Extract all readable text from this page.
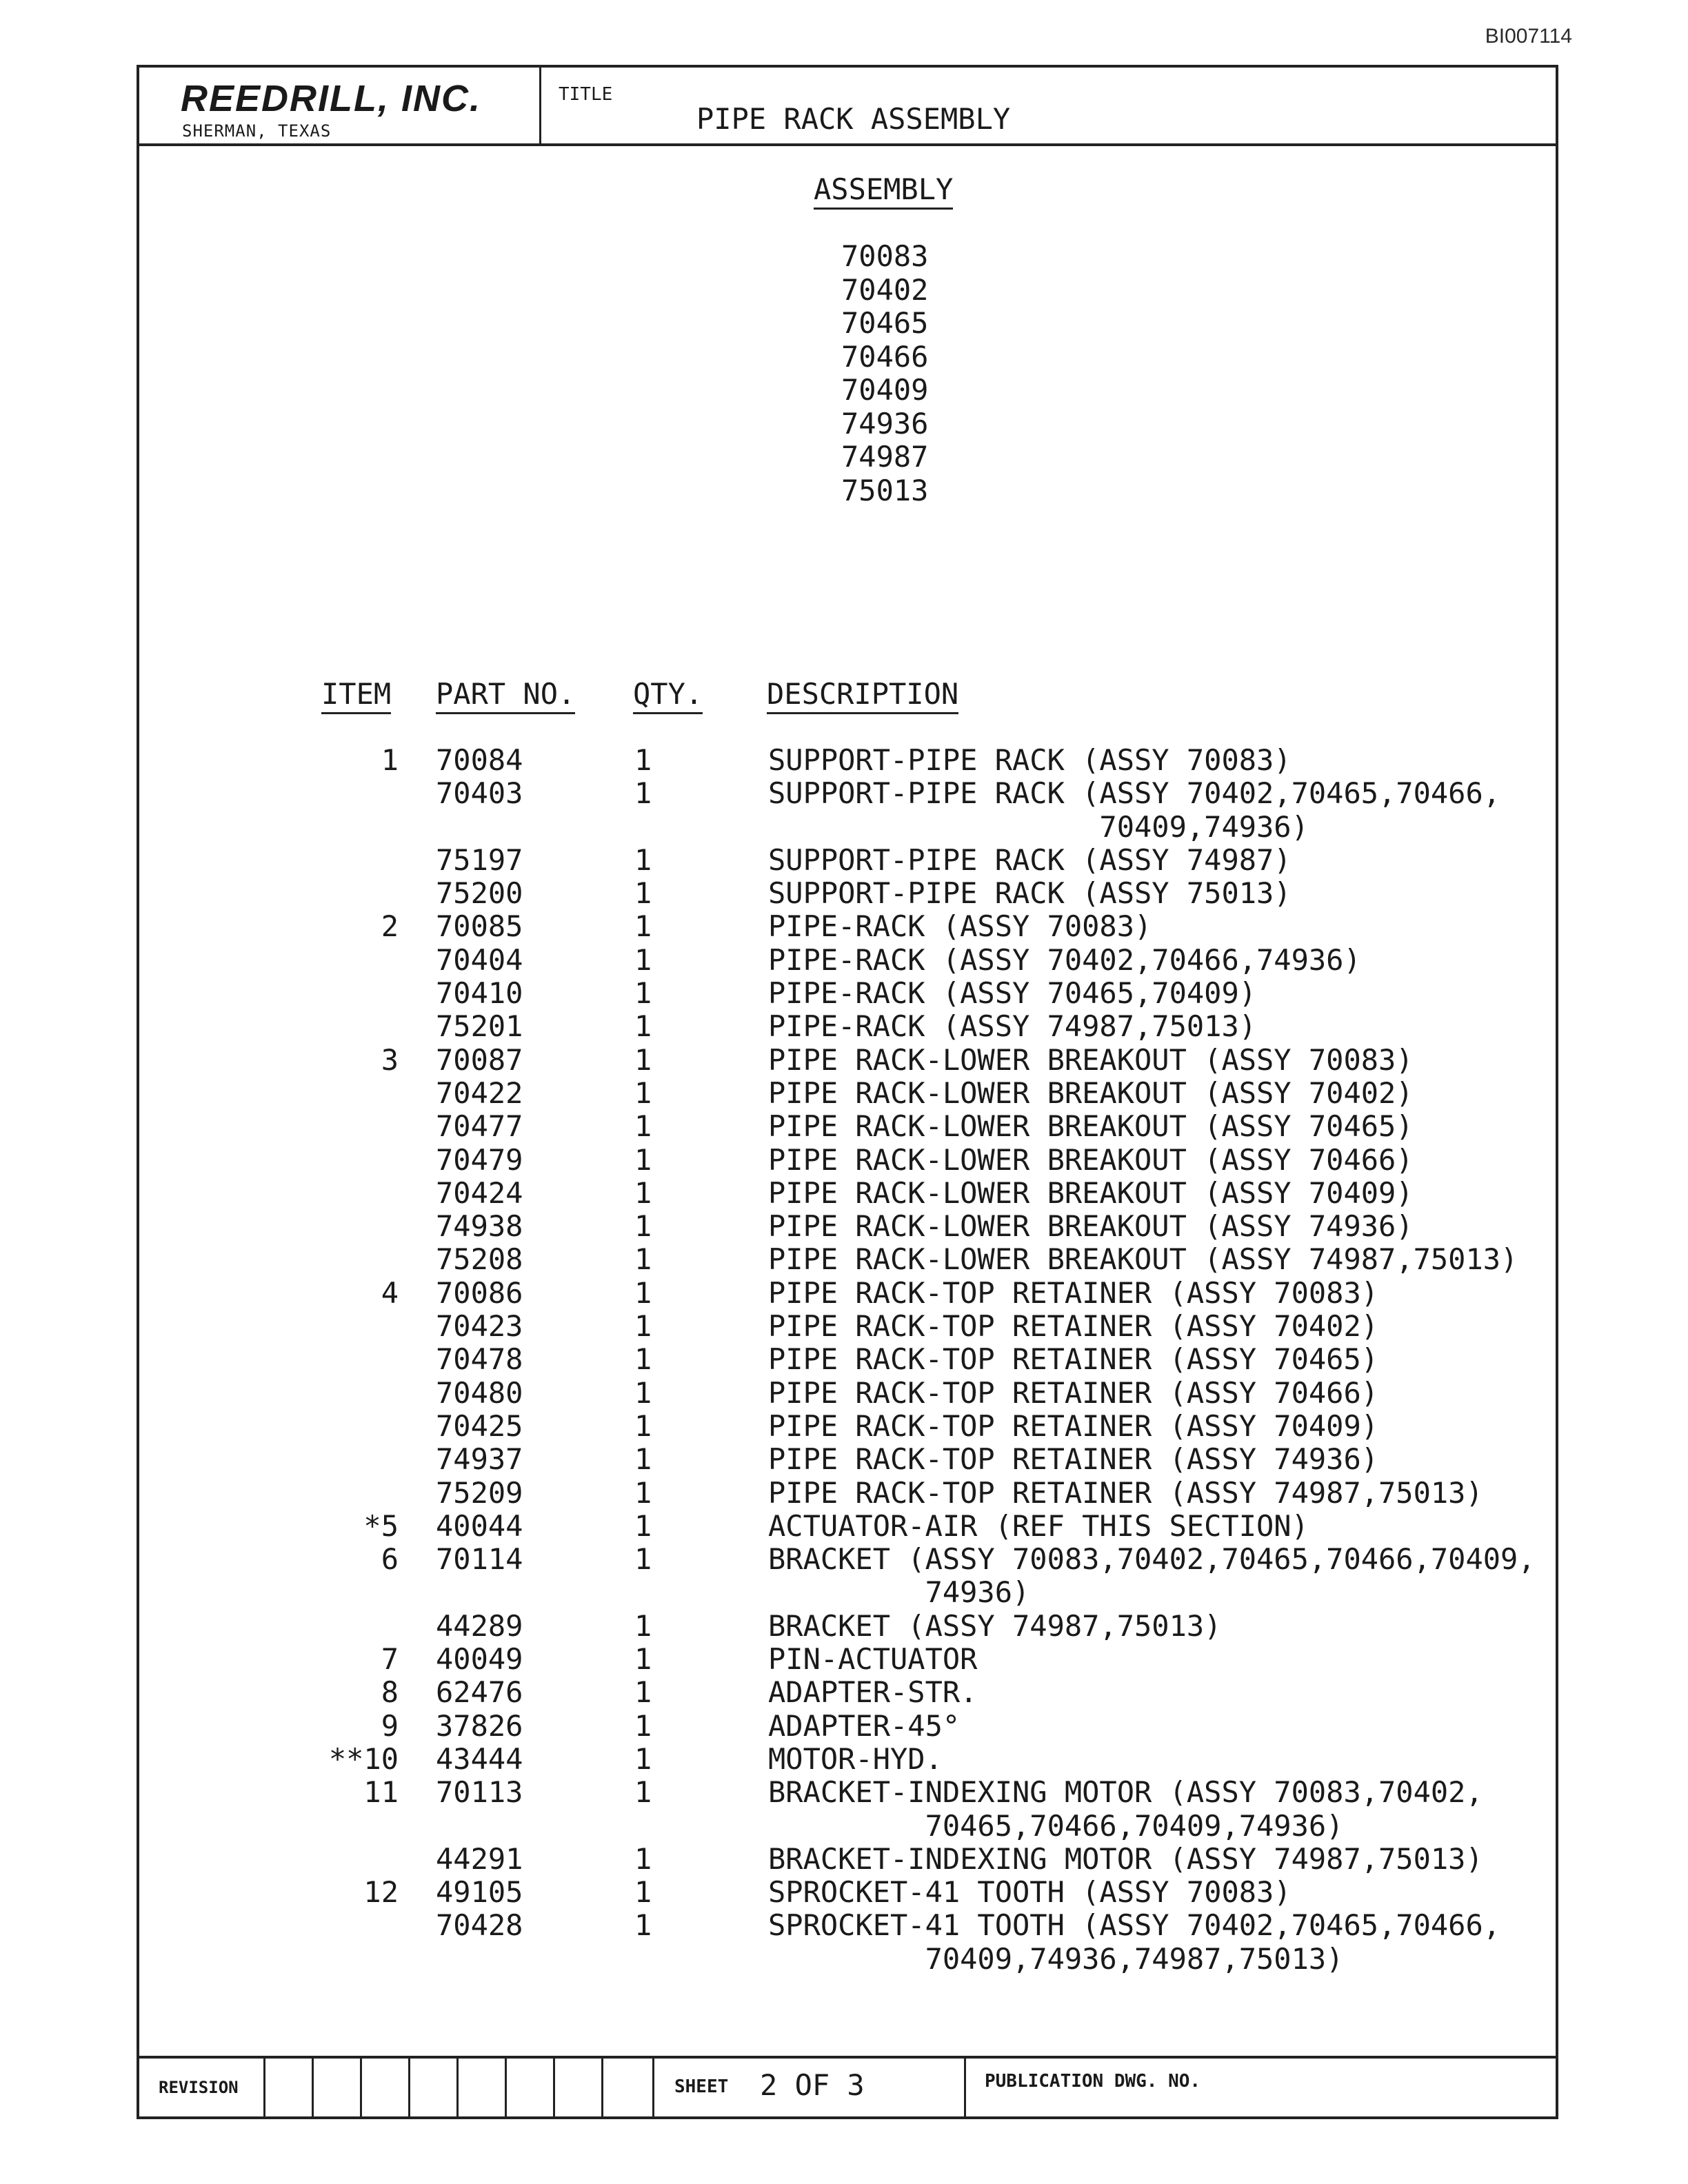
BI007114
REEDRILL, INC.
SHERMAN, TEXAS
TITLE
PIPE RACK ASSEMBLY
ASSEMBLY
70083
70402
70465
70466
70409
74936
74987
75013
ITEM PART NO. QTY. DESCRIPTION
1 70084	1	SUPPORT-PIPE RACK (ASSY 70083)
70403	1	SUPPORT-PIPE RACK (ASSY 70402,70465,70466,
70409,74936)
75197	1	SUPPORT-PIPE RACK (ASSY 74987)
75200	1	SUPPORT-PIPE RACK (ASSY 75013)
2 70085	1	PIPE-RACK (ASSY 70083)
70404	1	PIPE-RACK (ASSY 70402,70466,74936)
70410	1	PIPE-RACK (ASSY 70465,70409)
75201	1	PIPE-RACK (ASSY 74987,75013)
3 70087	1	PIPE RACK-LOWER BREAKOUT (ASSY 70083)
70422	1	PIPE RACK-LOWER BREAKOUT (ASSY 70402)
70477	1	PIPE RACK-LOWER BREAKOUT (ASSY 70465)
70479	1	PIPE RACK-LOWER BREAKOUT (ASSY 70466)
70424	1	PIPE RACK-LOWER BREAKOUT (ASSY 70409)
74938	1	PIPE RACK-LOWER BREAKOUT (ASSY 74936)
75208	1	PIPE RACK-LOWER BREAKOUT (ASSY 74987,75013)
4 70086	1	PIPE RACK-TOP RETAINER (ASSY 70083)
70423	1	PIPE RACK-TOP RETAINER (ASSY 70402)
70478	1	PIPE RACK-TOP RETAINER (ASSY 70465)
70480	1	PIPE RACK-TOP RETAINER (ASSY 70466)
70425	1	PIPE RACK-TOP RETAINER (ASSY 70409)
74937	1	PIPE RACK-TOP RETAINER (ASSY 74936)
75209	1	PIPE RACK-TOP RETAINER (ASSY 74987,75013)
*5 40044	1	ACTUATOR-AIR (REF THIS SECTION)
6 70114	1	BRACKET (ASSY 70083,70402,70465,70466,70409,
74936)
44289	1	BRACKET (ASSY 74987,75013)
7 40049	1	PIN-ACTUATOR
8 62476	1	ADAPTER-STR.
9 37826	1	ADAPTER-45°
**10 43444	1	MOTOR-HYD.
11 70113	1	BRACKET-INDEXING MOTOR (ASSY 70083,70402,
70465,70466,70409,74936)
44291	1	BRACKET-INDEXING MOTOR (ASSY 74987,75013)
12 49105	1	SPROCKET-41 TOOTH (ASSY 70083)
70428	1	SPROCKET-41 TOOTH (ASSY 70402,70465,70466,
70409,74936,74987,75013)
REVISION	SHEET 2 OF 3	PUBLICATION DWG. NO.
